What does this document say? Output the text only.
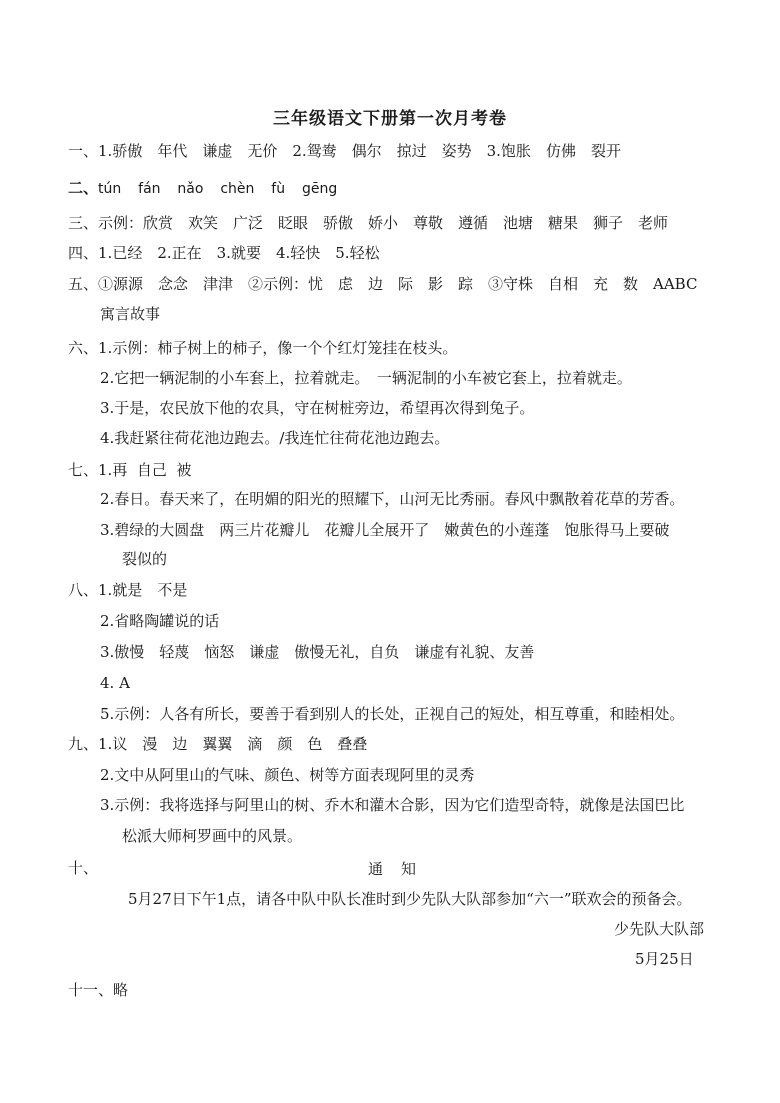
三年级语文下册第一次月考卷
一、1.骄傲　年代　谦虚　无价　2.鸳鸯　偶尔　掠过　姿势　3.饱胀　仿佛　裂开
二、tún  fán  nǎo  chèn  fù  gēng
三、示例：欣赏　欢笑　广泛　眨眼　骄傲　娇小　尊敬　遵循　池塘　糖果　狮子　老师
四、1.已经　2.正在　3.就要　4.轻快　5.轻松
五、①源源　念念　津津　②示例：忧　虑　边　际　影　踪　③守株　自相　充　数　AABC
寓言故事
六、1.示例：柿子树上的柿子，像一个个红灯笼挂在枝头。
2.它把一辆泥制的小车套上，拉着就走。　一辆泥制的小车被它套上，拉着就走。
3.于是，农民放下他的农具，守在树桩旁边，希望再次得到兔子。
4.我赶紧往荷花池边跑去。/我连忙往荷花池边跑去。
七、1.再  自己  被
2.春日。春天来了，在明媚的阳光的照耀下，山河无比秀丽。春风中飘散着花草的芳香。
3.碧绿的大圆盘　两三片花瓣儿　花瓣儿全展开了　嫩黄色的小莲蓬　饱胀得马上要破
裂似的
八、1.就是　不是
2.省略陶罐说的话
3.傲慢　轻蔑　恼怒　谦虚　傲慢无礼，自负　谦虚有礼貌、友善
4. A
5.示例：人各有所长，要善于看到别人的长处，正视自己的短处，相互尊重，和睦相处。
九、1.议　漫　边　翼翼　滴　颜　色　叠叠
2.文中从阿里山的气味、颜色、树等方面表现阿里的灵秀
3.示例：我将选择与阿里山的树、乔木和灌木合影，因为它们造型奇特，就像是法国巴比
松派大师柯罗画中的风景。
十、	通知
5月27日下午1点，请各中队中队长准时到少先队大队部参加“六一”联欢会的预备会。
少先队大队部
5月25日
十一、略
